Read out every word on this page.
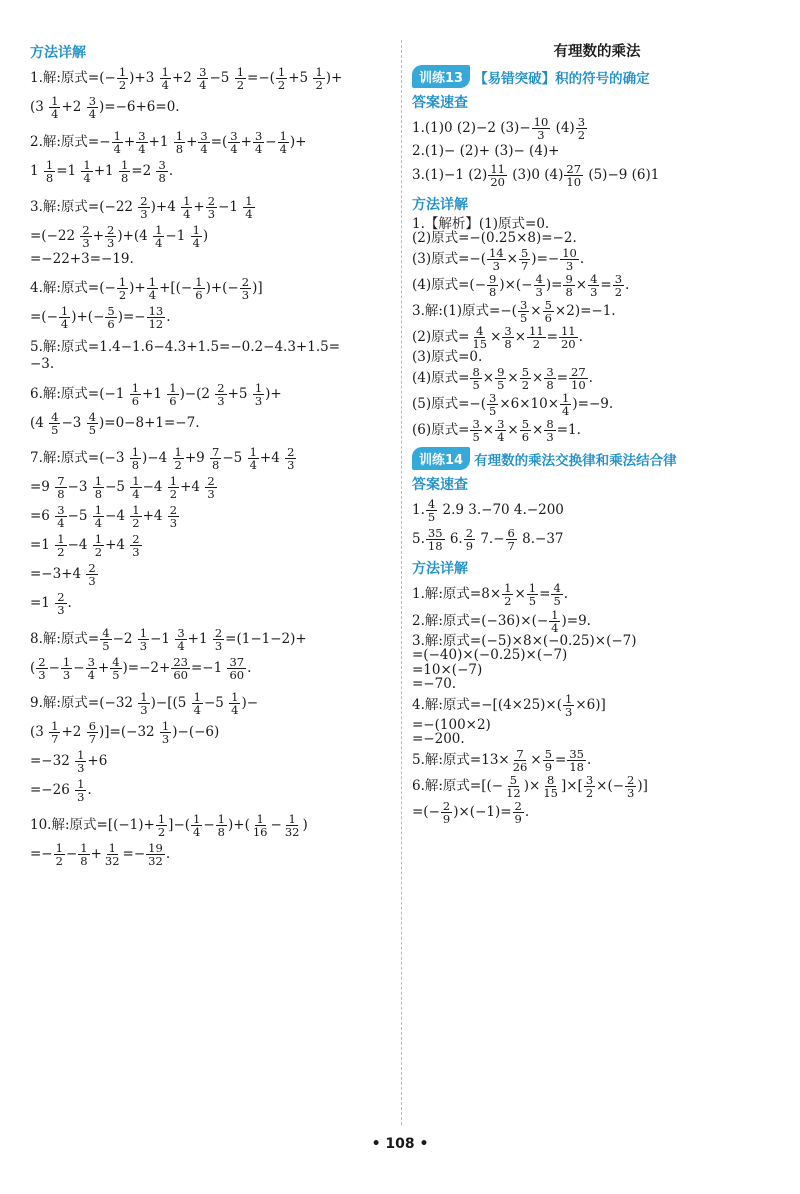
方法详解
1.解:原式=(− $\frac{1}{2} )+3 \frac{1}{4} +2 \frac{3}{4} -5 \frac{1}{2}$ =−( $\frac{1}{2} +5 \frac{1}{2}$ )+
$(3 \frac{1}{4} +2 \frac{3}{4} )=-6+6=0$.
2.解:原式=− $\frac{1}{4} + \frac{3}{4} +1 \frac{1}{8} + \frac{3}{4}$ =( $\frac{3}{4} + \frac{3}{4} - \frac{1}{4}$ )+
$1 \frac{1}{8} =1 \frac{1}{4} +1 \frac{1}{8} =2 \frac{3}{8}$ .
3.解:原式$=(-22 \frac{2}{3} )+4 \frac{1}{4} + \frac{2}{3} -1 \frac{1}{4}$
$=(-22 \frac{2}{3} + \frac{2}{3} )+(4 \frac{1}{4} -1 \frac{1}{4}$ )
=−22+3=−19.
4.解:原式=(− $\frac{1}{2}$ )+ $\frac{1}{4}$ +[(− $\frac{1}{6}$ )+(− $\frac{2}{3}$ )]
=(− $\frac{1}{4}$ )+(− $\frac{5}{6}$ )=− $\frac{13}{12}$ .
5.解:原式=1.4−1.6−4.3+1.5=−0.2−4.3+1.5=
−3.
6.解:原式$=(-1 \frac{1}{6} +1 \frac{1}{6} )-(2 \frac{2}{3} +5 \frac{1}{3}$ )+
$(4 \frac{4}{5} -3 \frac{4}{5} )=0-8+1=-7$.
7.解:原式$=(-3 \frac{1}{8} )-4 \frac{1}{2} +9 \frac{7}{8} -5 \frac{1}{4} +4 \frac{2}{3}$
$=9 \frac{7}{8} -3 \frac{1}{8} -5 \frac{1}{4} -4 \frac{1}{2} +4 \frac{2}{3}$
$=6 \frac{3}{4} -5 \frac{1}{4} -4 \frac{1}{2} +4 \frac{2}{3}$
$=1 \frac{1}{2} -4 \frac{1}{2} +4 \frac{2}{3}$
$=-3+4 \frac{2}{3}$
$=1 \frac{2}{3}$ .
8.解:原式= $\frac{4}{5} -2 \frac{1}{3} -1 \frac{3}{4} +1 \frac{2}{3} =(1-1-2)+$
( $\frac{2}{3} - \frac{1}{3} - \frac{3}{4} + \frac{4}{5} )=-2+ \frac{23}{60} =-1 \frac{37}{60}$ .
9.解:原式$=(-32 \frac{1}{3} )-[(5 \frac{1}{4} -5 \frac{1}{4}$ )−
$(3 \frac{1}{7} +2 \frac{6}{7} )]=(-32 \frac{1}{3} )-(-6)$
$=-32 \frac{1}{3} +6$
$=-26 \frac{1}{3}$ .
10.解:原式$=[(-1)+ \frac{1}{2}$ ]−( $\frac{1}{4} - \frac{1}{8}$ )+( $\frac{1}{16} - \frac{1}{32}$ )
=− $\frac{1}{2} - \frac{1}{8} + \frac{1}{32} =- \frac{19}{32}$ .
有理数的乘法
训练13 【易错突破】积的符号的确定
答案速查
1.(1)0 (2)−2 $(3)- \frac{10}{3} (4) \frac{3}{2}$
2.(1)− (2)+ (3)− (4)+
3.(1)−1 $(2) \frac{11}{20} (3)0$ $(4) \frac{27}{10} (5)-9$ (6)1
方法详解
1.【解析】(1)原式=0.
(2)原式=−(0.25×8)=−2.
(3)原式=−( $\frac{14}{3} \times \frac{5}{7}$ )=− $\frac{10}{3}$ .
(4)原式=(− $\frac{9}{8}$ )×(− $\frac{4}{3}$ )= $\frac{9}{8} \times \frac{4}{3} = \frac{3}{2}$ .
3.解:(1)原式=−( $\frac{3}{5} \times \frac{5}{6} \times 2)=-1$.
(2)原式= $\frac{4}{15} \times \frac{3}{8} \times \frac{11}{2} = \frac{11}{20}$ .
(3)原式=0.
(4)原式= $\frac{8}{5} \times \frac{9}{5} \times \frac{5}{2} \times \frac{3}{8} = \frac{27}{10}$ .
(5)原式=−( $\frac{3}{5} \times 6\times 10\times \frac{1}{4} )=-9$.
(6)原式= $\frac{3}{5} \times \frac{3}{4} \times \frac{5}{6} \times \frac{8}{3} =1$.
训练14 有理数的乘法交换律和乘法结合律
答案速查
1. $\frac{4}{5} 2.9$ 3.−70 4.−200
5. $\frac{35}{18} 6$. $\frac{2}{9} 7.- \frac{6}{7} 8.-37$
方法详解
1.解:原式$=8\times \frac{1}{2} \times \frac{1}{5} = \frac{4}{5}$ .
2.解:原式$=(-36)\times(- \frac{1}{4} )=9$.
3.解:原式=(−5)×8×(−0.25)×(−7)
=(−40)×(−0.25)×(−7)
=10×(−7)
=−70.
4.解:原式$=-[(4\times 25)\times( \frac{1}{3} \times 6)]$
=−(100×2)
=−200.
5.解:原式$=13\times \frac{7}{26} \times \frac{5}{9} = \frac{35}{18}$ .
6.解:原式=[(− $\frac{5}{12}$ )× $\frac{8}{15}$ ]×[ $\frac{3}{2}$ ×(− $\frac{2}{3}$ )]
=(− $\frac{2}{9} )\times(-1)= \frac{2}{9}$ .
• 108 •
